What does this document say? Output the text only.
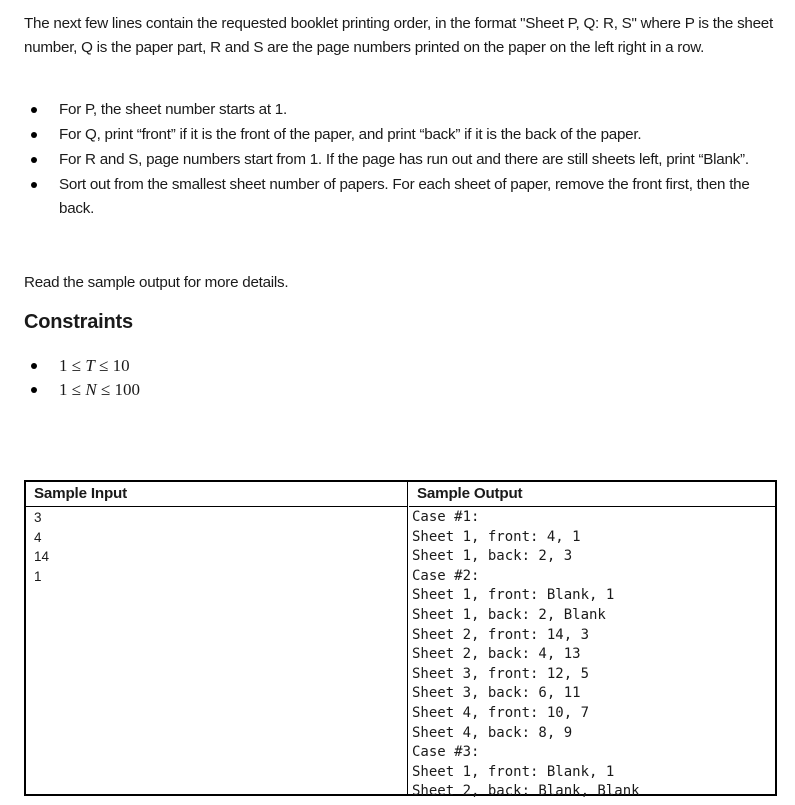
The next few lines contain the requested booklet printing order, in the format "Sheet P, Q: R, S" where P is the sheet number, Q is the paper part, R and S are the page numbers printed on the paper on the left right in a row.

For P, the sheet number starts at 1.
For Q, print “front” if it is the front of the paper, and print “back” if it is the back of the paper.
For R and S, page numbers start from 1. If the page has run out and there are still sheets left, print “Blank”.
Sort out from the smallest sheet number of papers. For each sheet of paper, remove the front first, then the back.

Read the sample output for more details.

Constraints
1 ≤ T ≤ 10
1 ≤ N ≤ 100
Sample Input
3
4
14
1
Sample Output
Case #1:
Sheet 1, front: 4, 1
Sheet 1, back: 2, 3
Case #2:
Sheet 1, front: Blank, 1
Sheet 1, back: 2, Blank
Sheet 2, front: 14, 3
Sheet 2, back: 4, 13
Sheet 3, front: 12, 5
Sheet 3, back: 6, 11
Sheet 4, front: 10, 7
Sheet 4, back: 8, 9
Case #3:
Sheet 1, front: Blank, 1
Sheet 2, back: Blank, Blank
